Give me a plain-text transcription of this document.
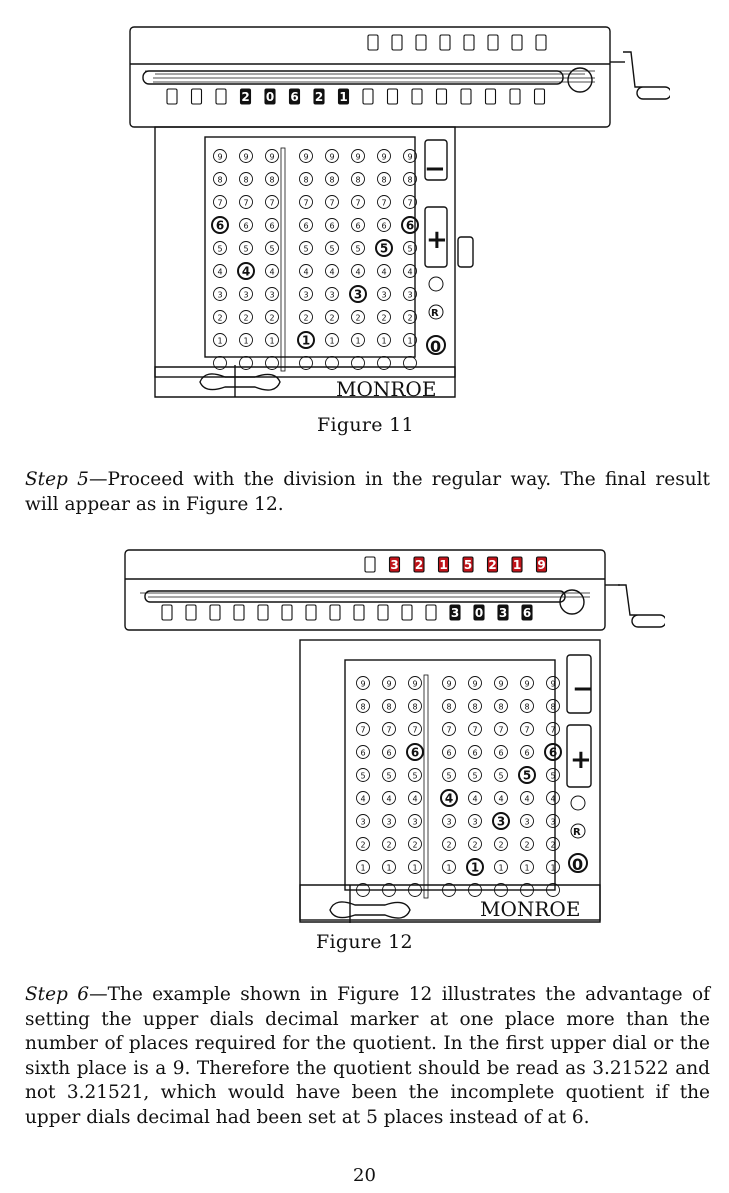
−
+
R
0
MONROE
2 0 6 2 1
9
8
7
6
5
4
3
2
1
9
8
7
6
5
4
3
2
1
9
8
7
6
5
4
3
2
1
9
8
7
6
5
4
3
2
1
9
8
7
6
5
4
3
2
1
9
8
7
6
5
4
3
2
1
9
8
7
6
5
4
3
2
1
9
8
7
6
5
4
3
2
1
Figure 11
Step 5—Proceed with the division in the regular way. The final result will appear as in Figure 12.
−
+
R
0
MONROE
3 2 1 5 2 1 9
3 0 3 6
9
8
7
6
5
4
3
2
1
9
8
7
6
5
4
3
2
1
9
8
7
6
5
4
3
2
1
9
8
7
6
5
4
3
2
1
9
8
7
6
5
4
3
2
1
9
8
7
6
5
4
3
2
1
9
8
7
6
5
4
3
2
1
9
8
7
6
5
4
3
2
1
Figure 12
Step 6—The example shown in Figure 12 illustrates the advantage of setting the upper dials decimal marker at one place more than the number of places required for the quotient. In the first upper dial or the sixth place is a 9. Therefore the quotient should be read as 3.21522 and not 3.21521, which would have been the incomplete quotient if the upper dials decimal had been set at 5 places instead of at 6.
20
